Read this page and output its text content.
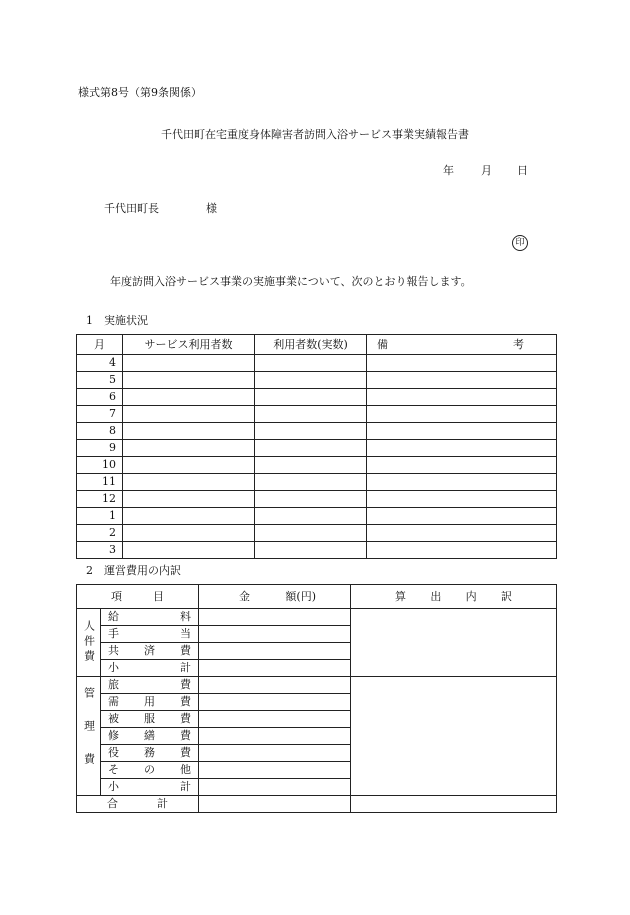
様式第8号（第9条関係）
千代田町在宅重度身体障害者訪問入浴サービス事業実績報告書
年 月 日
千代田町長	様
印
年度訪問入浴サービス事業の実施事業について、次のとおり報告します。
1　実施状況
月	サービス利用者数	利用者数(実数)	備 考

4			
5			
6			
7			
8			
9			
10			
11			
12			
1			
2			
3			
2　運営費用の内訳
項 目		金 額(円)	算 出 内 訳

人件費	給 料		

	手 当		

	共 済 費		

	小 計		

管理費	旅 費		

	需 用 費		

	被 服 費		

	修 繕 費		

	役 務 費		

	そ の 他		

	小 計		

合 計			
